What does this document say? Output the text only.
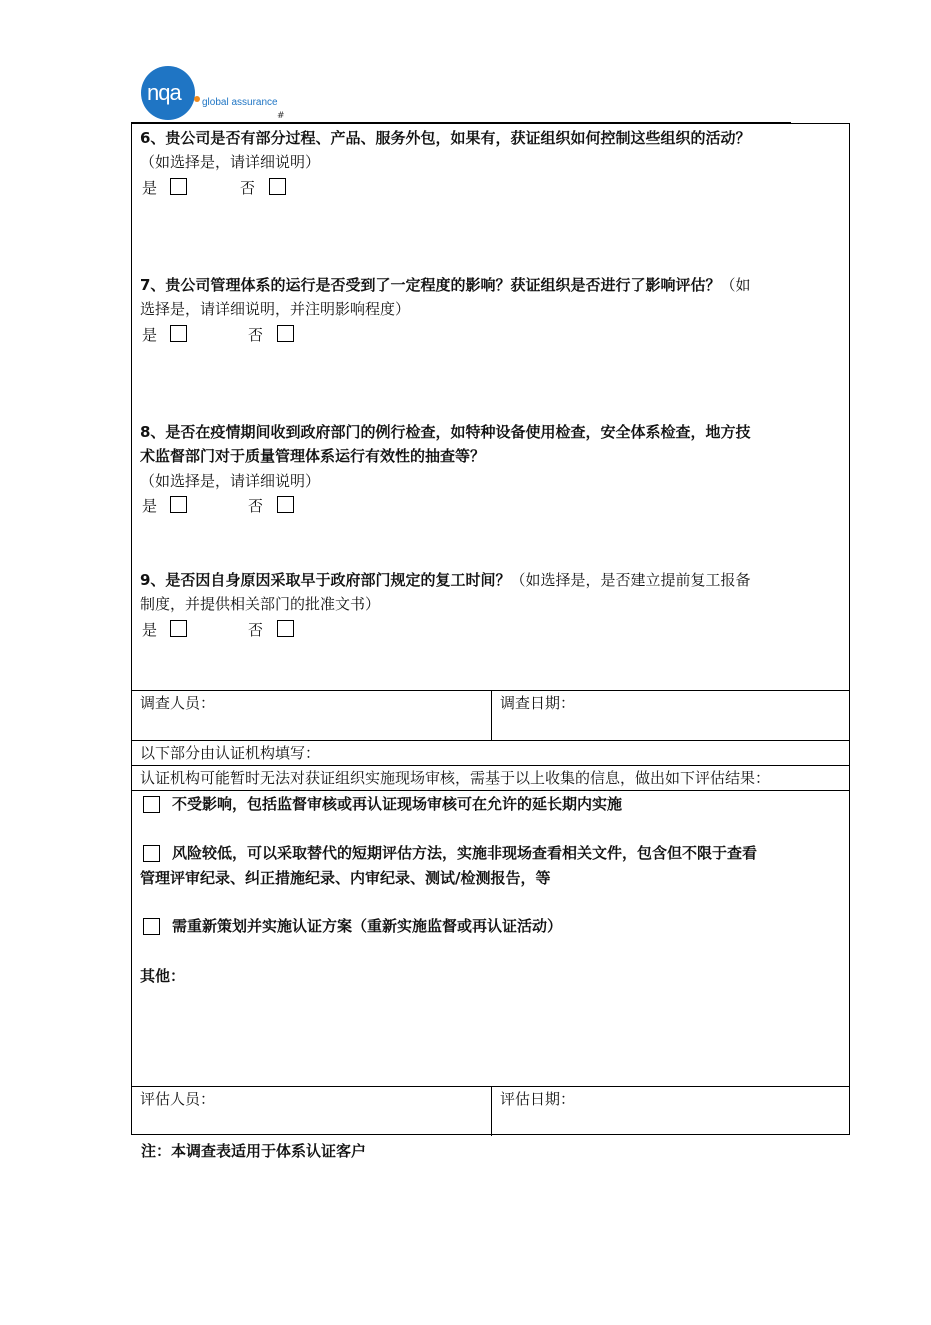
nqa	global assurance
#
6、贵公司是否有部分过程、产品、服务外包，如果有，获证组织如何控制这些组织的活动？
（如选择是，请详细说明）
是	否
7、贵公司管理体系的运行是否受到了一定程度的影响？获证组织是否进行了影响评估？（如
选择是，请详细说明，并注明影响程度）
是	否
8、是否在疫情期间收到政府部门的例行检查，如特种设备使用检查，安全体系检查，地方技
术监督部门对于质量管理体系运行有效性的抽查等？
（如选择是，请详细说明）
是	否
9、是否因自身原因采取早于政府部门规定的复工时间？（如选择是，是否建立提前复工报备
制度，并提供相关部门的批准文书）
是	否
调查人员：	调查日期：
以下部分由认证机构填写：
认证机构可能暂时无法对获证组织实施现场审核，需基于以上收集的信息，做出如下评估结果：
不受影响，包括监督审核或再认证现场审核可在允许的延长期内实施
风险较低，可以采取替代的短期评估方法，实施非现场查看相关文件，包含但不限于查看
管理评审纪录、纠正措施纪录、内审纪录、测试/检测报告，等
需重新策划并实施认证方案（重新实施监督或再认证活动）
其他：
评估人员：	评估日期：
注：本调查表适用于体系认证客户
